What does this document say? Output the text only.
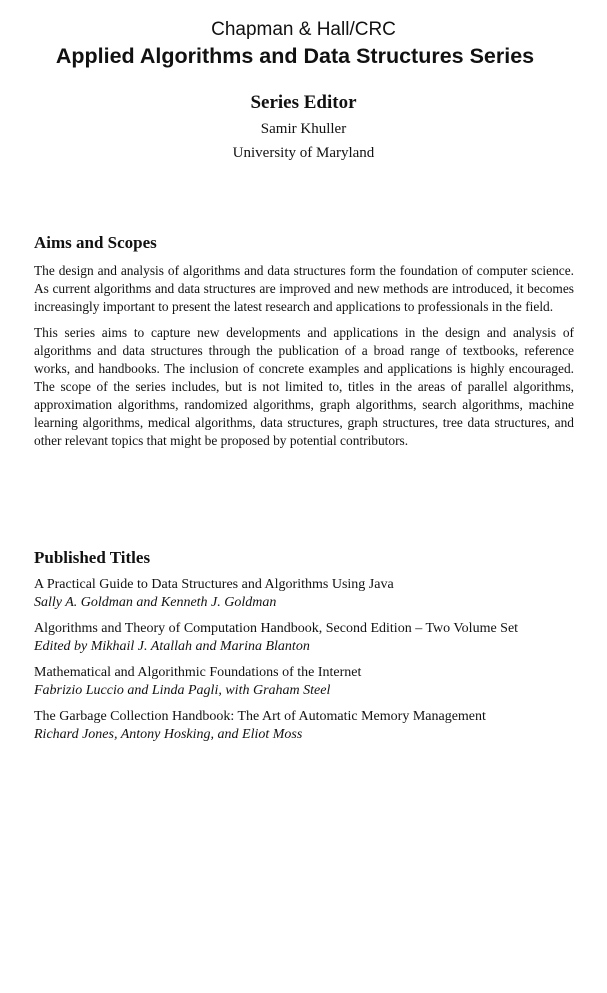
Chapman & Hall/CRC
Applied Algorithms and Data Structures Series
Series Editor
Samir Khuller
University of Maryland
Aims and Scopes

The design and analysis of algorithms and data structures form the foundation of computer science. As current algorithms and data structures are improved and new methods are introduced, it becomes increasingly important to present the latest research and applications to professionals in the field.

This series aims to capture new developments and applications in the design and analysis of algorithms and data structures through the publication of a broad range of textbooks, reference works, and handbooks. The inclusion of concrete examples and applications is highly encouraged. The scope of the series includes, but is not limited to, titles in the areas of parallel algorithms, approximation algorithms, randomized algorithms, graph algorithms, search algorithms, machine learning algorithms, medical algorithms, data structures, graph structures, tree data structures, and other relevant topics that might be proposed by potential contributors.

Published Titles
A Practical Guide to Data Structures and Algorithms Using Java
Sally A. Goldman and Kenneth J. Goldman
Algorithms and Theory of Computation Handbook, Second Edition – Two Volume Set
Edited by Mikhail J. Atallah and Marina Blanton
Mathematical and Algorithmic Foundations of the Internet
Fabrizio Luccio and Linda Pagli, with Graham Steel
The Garbage Collection Handbook: The Art of Automatic Memory Management
Richard Jones, Antony Hosking, and Eliot Moss
